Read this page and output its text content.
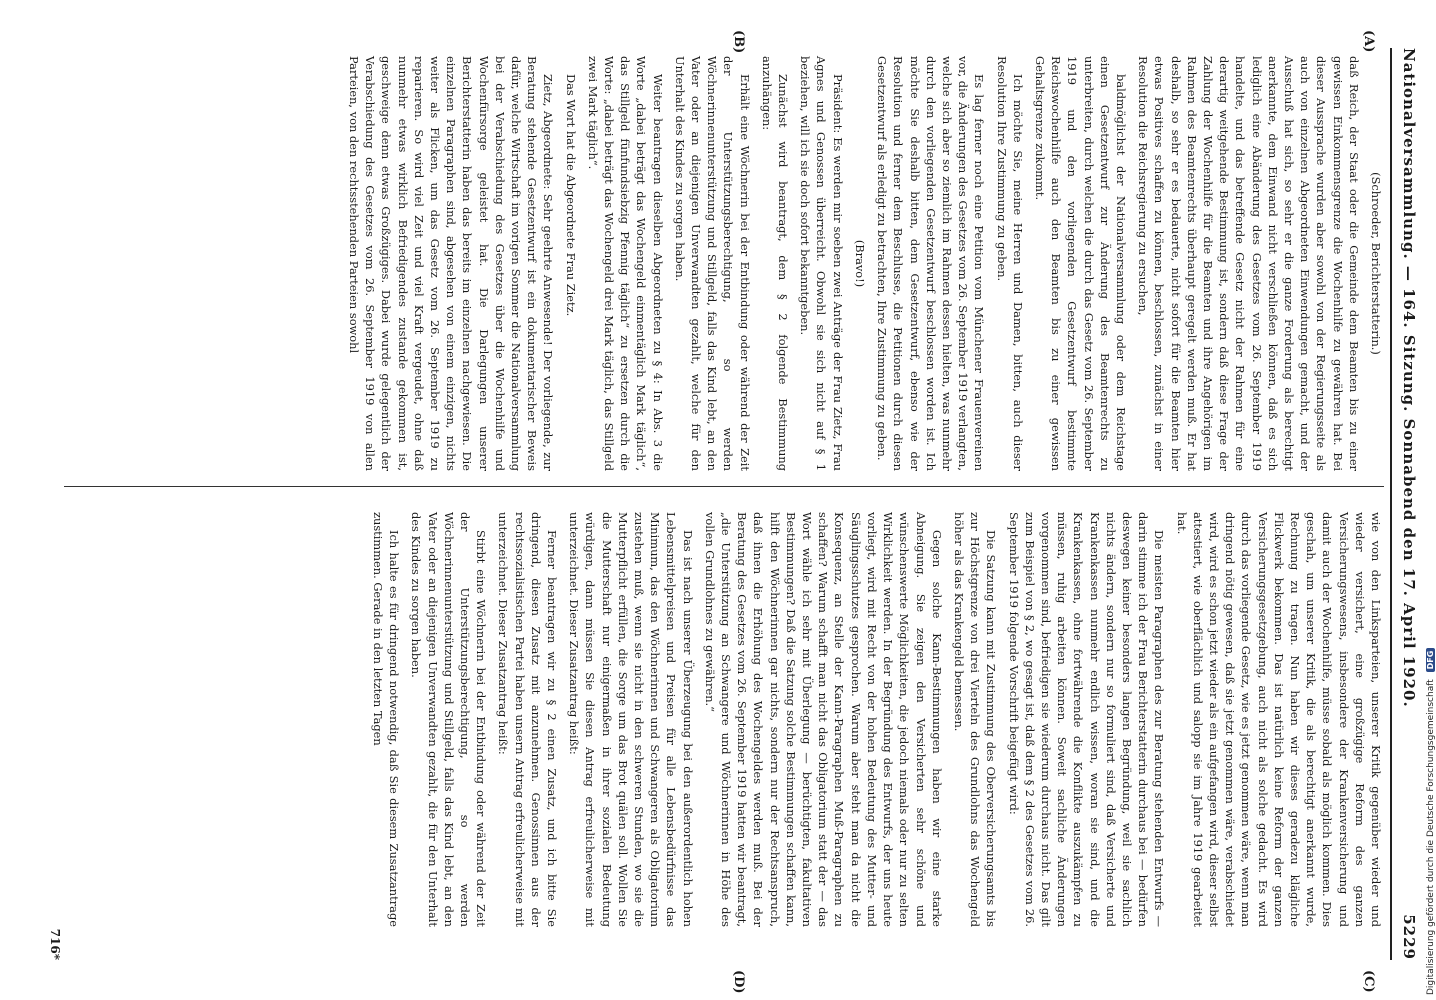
Nationalversammlung. — 164. Sitzung. Sonnabend den 17. April 1920.
5229
(A)
(B)
(C)
(D)

(Schroeder, Berichterstatterin.)

daß Reich, der Staat oder die Gemeinde dem Beamten bis zu einer gewissen Einkommensgrenze die Wochenhilfe zu gewähren hat. Bei dieser Aussprache wurden aber sowohl von der Regierungsseite als auch von einzelnen Abgeordneten Einwendungen gemacht, und der Ausschuß hat sich, so sehr er die ganze Forderung als berechtigt anerkannte, dem Einwand nicht verschließen können, daß es sich lediglich eine Abänderung des Gesetzes vom 26. September 1919 handelte, und das betreffende Gesetz nicht der Rahmen für eine derartig weitgehende Bestimmung ist, sondern daß diese Frage der Zahlung der Wochenhilfe für die Beamten und ihre Angehörigen im Rahmen des Beamtenrechts überhaupt geregelt werden muß. Er hat deshalb, so sehr er es bedauerte, nicht sofort für die Beamten hier etwas Positives schaffen zu können, beschlossen, zunächst in einer Resolution die Reichsregierung zu ersuchen,

baldmöglichst der Nationalversammlung oder dem Reichstage einen Gesetzentwurf zur Änderung des Beamtenrechts zu unterbreiten, durch welchen die durch das Gesetz vom 26. September 1919 und den vorliegenden Gesetzentwurf bestimmte Reichswochenhilfe auch den Beamten bis zu einer gewissen Gehaltsgrenze zukommt.

Ich möchte Sie, meine Herren und Damen, bitten, auch dieser Resolution Ihre Zustimmung zu geben.

Es lag ferner noch eine Petition vom Münchener Frauenvereinen vor, die Änderungen des Gesetzes vom 26. September 1919 verlangten, welche sich aber so ziemlich im Rahmen dessen hielten, was nunmehr durch den vorliegenden Gesetzentwurf beschlossen worden ist. Ich möchte Sie deshalb bitten, dem Gesetzentwurf, ebenso wie der Resolution und ferner dem Beschlusse, die Petitionen durch diesen Gesetzentwurf als erledigt zu betrachten, Ihre Zustimmung zu geben.

(Bravo!)

Präsident: Es werden mir soeben zwei Anträge der Frau Zietz, Frau Agnes und Genossen überreicht. Obwohl sie sich nicht auf § 1 beziehen, will ich sie doch sofort bekanntgeben.

Zunächst wird beantragt, dem § 2 folgende Bestimmung anzuhängen:

Erhält eine Wöchnerin bei der Entbindung oder während der Zeit der Unterstützungsberechtigung, so werden Wöchnerinnenunterstützung und Stillgeld, falls das Kind lebt, an den Vater oder an diejenigen Unverwandten gezahlt, welche für den Unterhalt des Kindes zu sorgen haben.

Weiter beantragen dieselben Abgeordneten zu § 4: In Abs. 3 die Worte „dabei beträgt das Wochengeld einmentäglich Mark täglich“, das Stillgeld fünfundsiebzig Pfennig täglich“ zu ersetzen durch die Worte: „dabei beträgt das Wochengeld drei Mark täglich, das Stillgeld zwei Mark täglich“.

Das Wort hat die Abgeordnete Frau Zietz.

Zietz, Abgeordnete: Sehr geehrte Anwesende! Der vorliegende, zur Beratung stehende Gesetzentwurf ist ein dokumentarischer Beweis dafür, welche Wirtschaft im vorigen Sommer die Nationalversammlung bei der Verabschiedung des Gesetzes über die Wochenhilfe und Wochenfürsorge geleistet hat. Die Darlegungen unserer Berichterstatterin haben das bereits im einzelnen nachgewiesen. Die einzelnen Paragraphen sind, abgesehen von einem einzigen, nichts weiter als Flicken, um das Gesetz vom 26. September 1919 zu reparieren. So wird viel Zeit und viel Kraft vergeudet, ohne daß nunmehr etwas wirklich Befriedigendes zustande gekommen ist, geschweige denn etwas Großzügiges. Dabei wurde gelegentlich der Verabschiedung des Gesetzes vom 26. September 1919 von allen Parteien, von den rechtsstehenden Parteien sowohl

wie von den Linksparteien, unserer Kritik gegenüber wieder und wieder versichert, eine großzügige Reform des ganzen Versicherungswesens, insbesondere der Krankenversicherung und damit auch der Wochenhilfe, müsse sobald als möglich kommen. Dies geschah, um unserer Kritik, die als berechtigt anerkannt wurde, Rechnung zu tragen. Nun haben wir dieses geradezu klägliche Flickwerk bekommen. Das ist natürlich keine Reform der ganzen Versicherungsgesetzgebung, auch nicht als solche gedacht. Es wird durch das vorliegende Gesetz, wie es jetzt genommen wäre, wenn man dringend nötig gewesen, daß sie jetzt genommen wäre, verabschiedet wird, wird es schon jetzt wieder als ein aufgefangen wird, dieser selbst attestiert, wie oberflächlich und salopp sie im Jahre 1919 gearbeitet hat.

Die meisten Paragraphen des zur Beratung stehenden Entwurfs — darin stimme ich der Frau Berichterstatterin durchaus bei — bedürfen deswegen keiner besonders langen Begründung, weil sie sachlich nichts ändern, sondern nur so formuliert sind, daß Versicherte und Krankenkassen nunmehr endlich wissen, woran sie sind, und die Krankenkassen, ohne fortwährende die Konflikte auszukämpfen zu müssen, ruhig arbeiten können. Soweit sachliche Änderungen vorgenommen sind, befriedigen sie wiederum durchaus nicht. Das gilt zum Beispiel von § 2, wo gesagt ist, daß dem § 2 des Gesetzes vom 26. September 1919 folgende Vorschrift beigefügt wird:

Die Satzung kann mit Zustimmung des Oberversicherungsamts bis zur Höchstgrenze von drei Vierteln des Grundlohns das Wochengeld höher als das Krankengeld bemessen.

Gegen solche Kann-Bestimmungen haben wir eine starke Abneigung. Sie zeigen den Versicherten sehr schöne und wünschenswerte Möglichkeiten, die jedoch niemals oder nur zu selten Wirklichkeit werden. In der Begründung des Entwurfs, der uns heute vorliegt, wird mit Recht von der hohen Bedeutung des Mutter- und Säuglingsschutzes gesprochen. Warum aber steht man da nicht die Konsequenz, an Stelle der Kann-Paragraphen Muß-Paragraphen zu schaffen? Warum schafft man nicht das Obligatorium statt der — das Wort wähle ich sehr mit Überlegung — berüchtigten, fakultativen Bestimmungen? Daß die Satzung solche Bestimmungen schaffen kann, hilft den Wöchnerinnen gar nichts, sondern nur der Rechtsanspruch, daß ihnen die Erhöhung des Wochengeldes werden muß. Bei der Beratung des Gesetzes vom 26. September 1919 hatten wir beantragt, „die Unterstützung an Schwangere und Wöchnerinnen in Höhe des vollen Grundlohnes zu gewähren.“

Das ist nach unserer Überzeugung bei den außerordentlich hohen Lebensmittelpreisen und Preisen für alle Lebensbedürfnisse das Minimum, das den Wöchnerinnen und Schwangeren als Obligatorium zustehen muß, wenn sie nicht in den schweren Stunden, wo sie die Mutterpflicht erfüllen, die Sorge um das Brot quälen soll. Wollen Sie die Mutterschaft nur einigermaßen in ihrer sozialen Bedeutung würdigen, dann müssen Sie diesen Antrag erfreulicherweise mit unterzeichnet. Dieser Zusatzantrag heißt:

Ferner beantragen wir zu § 2 einen Zusatz, und ich bitte Sie dringend, diesen Zusatz mit anzunehmen. Genossinnen aus der rechtssozialistischen Partei haben unsern Antrag erfreulicherweise mit unterzeichnet. Dieser Zusatzantrag heißt:

Stirbt eine Wöchnerin bei der Entbindung oder während der Zeit der Unterstützungsberechtigung, so werden Wöchnerinnenunterstützung und Stillgeld, falls das Kind lebt, an den Vater oder an diejenigen Unverwandten gezahlt, die für den Unterhalt des Kindes zu sorgen haben.

Ich halte es für dringend notwendig, daß Sie diesem Zusatzantrage zustimmen. Gerade in den letzten Tagen

716*	Digitalisierung gefördert durch die Deutsche Forschungsgemeinschaft DFG
